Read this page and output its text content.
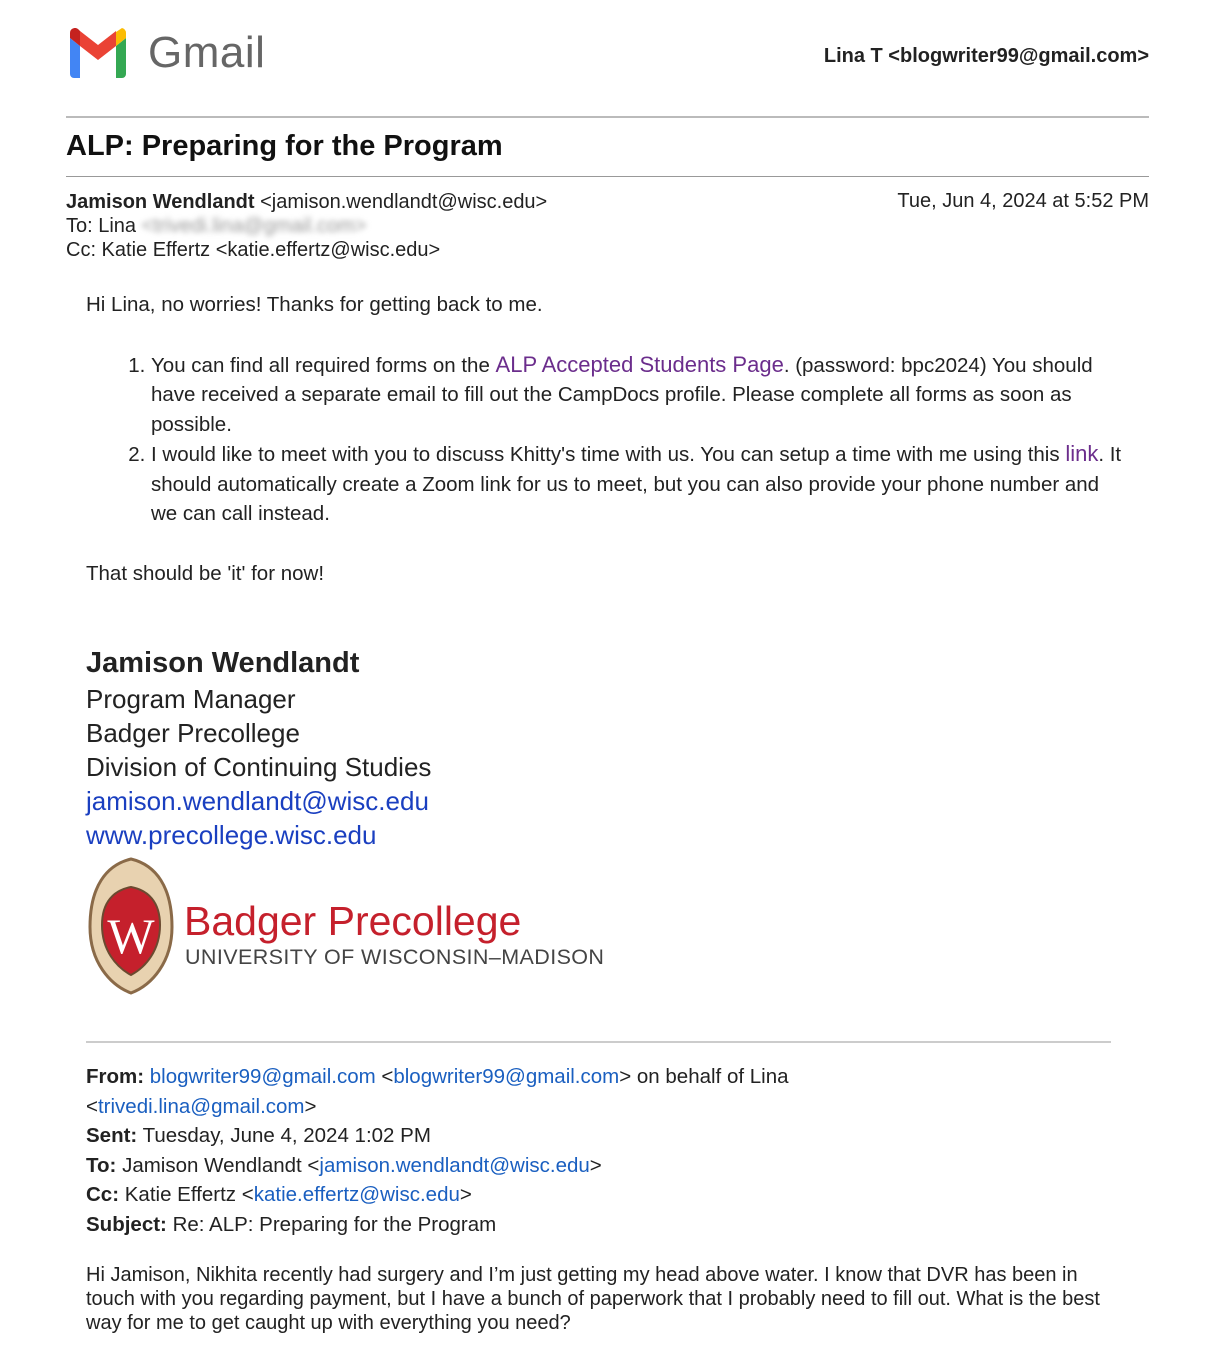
Gmail	Lina T <blogwriter99@gmail.com>
ALP: Preparing for the Program
Jamison Wendlandt <jamison.wendlandt@wisc.edu>
To: Lina <trivedi.lina@gmail.com>
Cc: Katie Effertz <katie.effertz@wisc.edu>
Tue, Jun 4, 2024 at 5:52 PM
Hi Lina, no worries! Thanks for getting back to me.
1. You can find all required forms on the ALP Accepted Students Page. (password: bpc2024) You should have received a separate email to fill out the CampDocs profile. Please complete all forms as soon as possible.
2. I would like to meet with you to discuss Khitty's time with us. You can setup a time with me using this link. It should automatically create a Zoom link for us to meet, but you can also provide your phone number and we can call instead.
That should be 'it' for now!
Jamison Wendlandt
Program Manager
Badger Precollege
Division of Continuing Studies
jamison.wendlandt@wisc.edu
www.precollege.wisc.edu
W Badger Precollege
UNIVERSITY OF WISCONSIN–MADISON
From: blogwriter99@gmail.com <blogwriter99@gmail.com> on behalf of Lina
<trivedi.lina@gmail.com>
Sent: Tuesday, June 4, 2024 1:02 PM
To: Jamison Wendlandt <jamison.wendlandt@wisc.edu>
Cc: Katie Effertz <katie.effertz@wisc.edu>
Subject: Re: ALP: Preparing for the Program
Hi Jamison, Nikhita recently had surgery and I’m just getting my head above water. I know that DVR has been in touch with you regarding payment, but I have a bunch of paperwork that I probably need to fill out. What is the best way for me to get caught up with everything you need?
